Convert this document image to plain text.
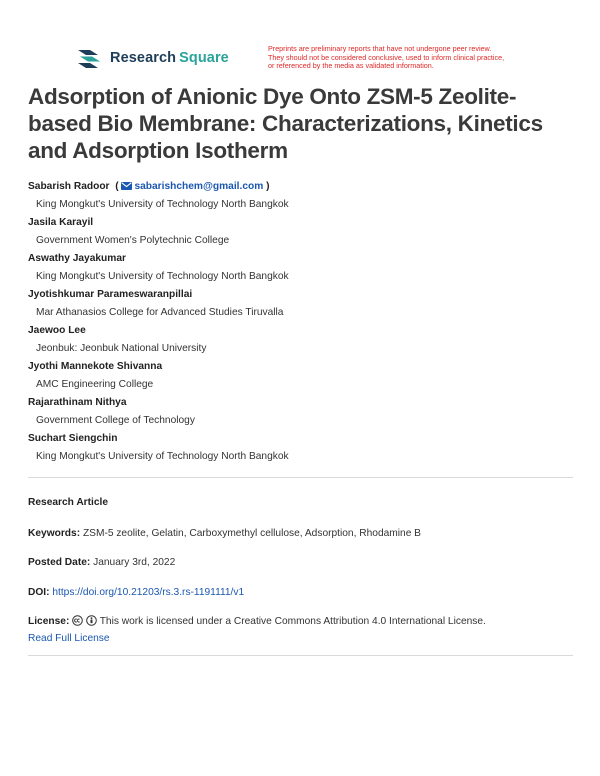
Research Square
Preprints are preliminary reports that have not undergone peer review.
They should not be considered conclusive, used to inform clinical practice,
or referenced by the media as validated information.
Adsorption of Anionic Dye Onto ZSM-5 Zeolite-based Bio Membrane: Characterizations, Kinetics and Adsorption Isotherm
Sabarish Radoor  ( sabarishchem@gmail.com )
King Mongkut's University of Technology North Bangkok
Jasila Karayil
Government Women's Polytechnic College
Aswathy Jayakumar
King Mongkut's University of Technology North Bangkok
Jyotishkumar Parameswaranpillai
Mar Athanasios College for Advanced Studies Tiruvalla
Jaewoo Lee
Jeonbuk: Jeonbuk National University
Jyothi Mannekote Shivanna
AMC Engineering College
Rajarathinam Nithya
Government College of Technology
Suchart Siengchin
King Mongkut's University of Technology North Bangkok
Research Article
Keywords: ZSM-5 zeolite, Gelatin, Carboxymethyl cellulose, Adsorption, Rhodamine B
Posted Date: January 3rd, 2022
DOI: https://doi.org/10.21203/rs.3.rs-1191111/v1
License:	This work is licensed under a Creative Commons Attribution 4.0 International License.
Read Full License
